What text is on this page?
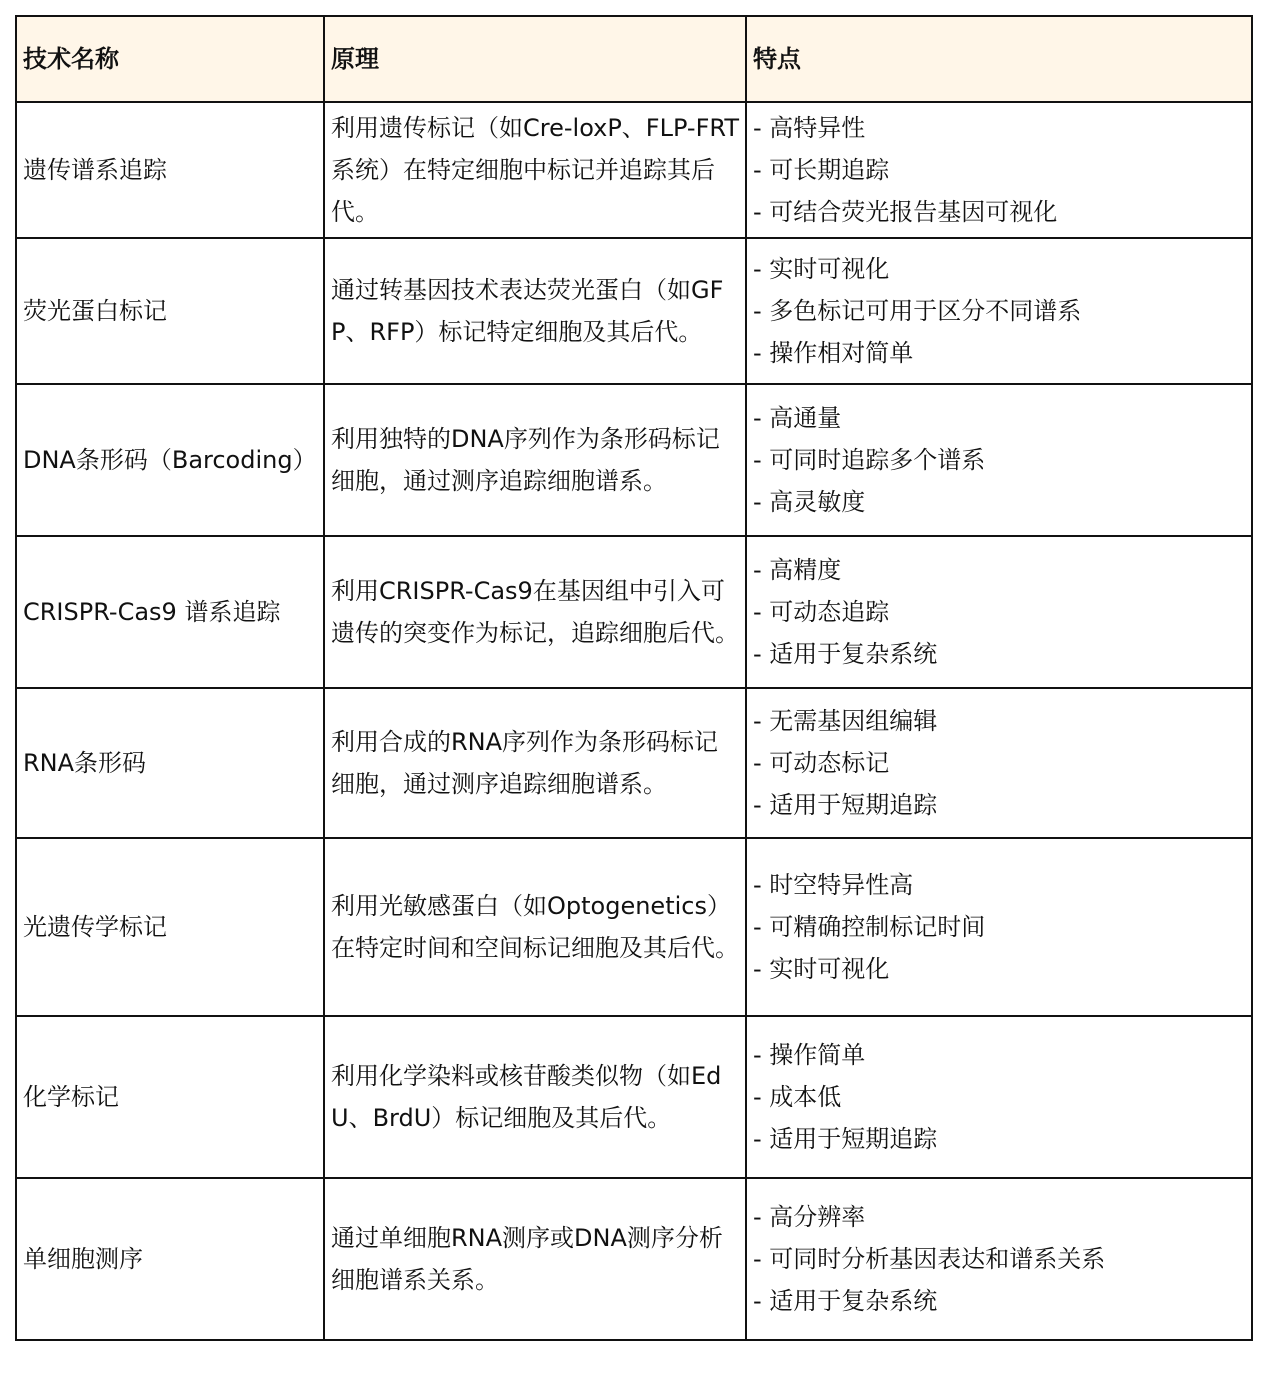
技术名称	原理	特点
遗传谱系追踪	利用遗传标记（如Cre-loxP、FLP-FRT系统）在特定细胞中标记并追踪其后代。	- 高特异性
- 可长期追踪
- 可结合荧光报告基因可视化

荧光蛋白标记	通过转基因技术表达荧光蛋白（如GFP、RFP）标记特定细胞及其后代。	- 实时可视化
- 多色标记可用于区分不同谱系
- 操作相对简单

DNA条形码（Barcoding）	利用独特的DNA序列作为条形码标记细胞，通过测序追踪细胞谱系。	- 高通量
- 可同时追踪多个谱系
- 高灵敏度

CRISPR-Cas9 谱系追踪	利用CRISPR-Cas9在基因组中引入可遗传的突变作为标记，追踪细胞后代。	- 高精度
- 可动态追踪
- 适用于复杂系统

RNA条形码	利用合成的RNA序列作为条形码标记细胞，通过测序追踪细胞谱系。	- 无需基因组编辑
- 可动态标记
- 适用于短期追踪

光遗传学标记	利用光敏感蛋白（如Optogenetics）在特定时间和空间标记细胞及其后代。	- 时空特异性高
- 可精确控制标记时间
- 实时可视化

化学标记	利用化学染料或核苷酸类似物（如EdU、BrdU）标记细胞及其后代。	- 操作简单
- 成本低
- 适用于短期追踪

单细胞测序	通过单细胞RNA测序或DNA测序分析细胞谱系关系。	- 高分辨率
- 可同时分析基因表达和谱系关系
- 适用于复杂系统
